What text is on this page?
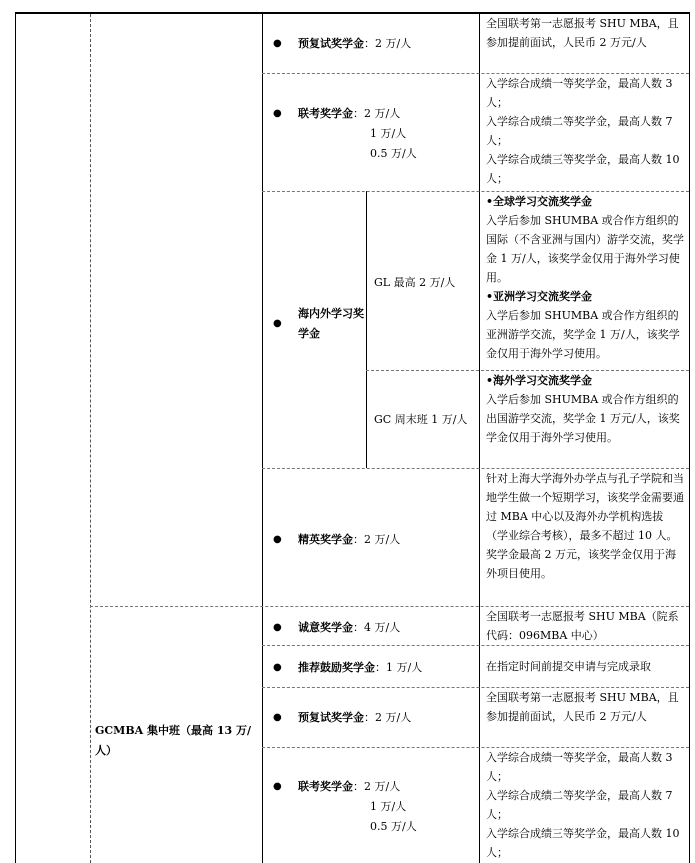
● 预复试奖学金：2 万/人
全国联考第一志愿报考 SHU MBA，且参加提前面试，人民币 2 万元/人
● 联考奖学金：2 万/人
1 万/人
0.5 万/人
入学综合成绩一等奖学金，最高人数 3 人；
入学综合成绩二等奖学金，最高人数 7 人；
入学综合成绩三等奖学金，最高人数 10 人；
●
海内外学习奖学金
GL 最高 2 万/人
GC 周末班 1 万/人
•全球学习交流奖学金
入学后参加 SHUMBA 或合作方组织的国际（不含亚洲与国内）游学交流，奖学金 1 万/人，该奖学金仅用于海外学习使用。
•亚洲学习交流奖学金
入学后参加 SHUMBA 或合作方组织的亚洲游学交流，奖学金 1 万/人，该奖学金仅用于海外学习使用。
•海外学习交流奖学金
入学后参加 SHUMBA 或合作方组织的出国游学交流，奖学金 1 万元/人，该奖学金仅用于海外学习使用。
● 精英奖学金：2 万/人
针对上海大学海外办学点与孔子学院和当地学生做一个短期学习，该奖学金需要通过 MBA 中心以及海外办学机构选拔（学业综合考核），最多不超过 10 人。奖学金最高 2 万元，该奖学金仅用于海外项目使用。
GCMBA 集中班（最高 13 万/人）
● 诚意奖学金：4 万/人
全国联考一志愿报考 SHU MBA（院系代码：096MBA 中心）
● 推荐鼓励奖学金：1 万/人	在指定时间前提交申请与完成录取
● 预复试奖学金：2 万/人
全国联考第一志愿报考 SHU MBA，且参加提前面试，人民币 2 万元/人
● 联考奖学金：2 万/人
1 万/人
0.5 万/人
入学综合成绩一等奖学金，最高人数 3 人；
入学综合成绩二等奖学金，最高人数 7 人；
入学综合成绩三等奖学金，最高人数 10 人；
